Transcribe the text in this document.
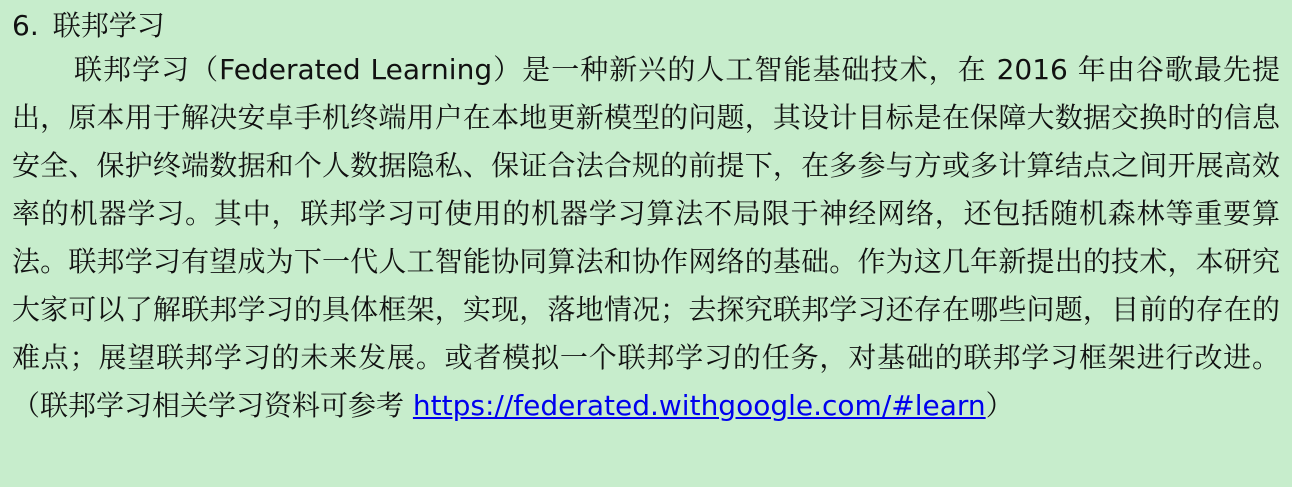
6. 联邦学习

联邦学习（Federated Learning）是一种新兴的人工智能基础技术，在 2016 年由谷歌最先提出，原本用于解决安卓手机终端用户在本地更新模型的问题，其设计目标是在保障大数据交换时的信息安全、保护终端数据和个人数据隐私、保证合法合规的前提下，在多参与方或多计算结点之间开展高效率的机器学习。其中，联邦学习可使用的机器学习算法不局限于神经网络，还包括随机森林等重要算法。联邦学习有望成为下一代人工智能协同算法和协作网络的基础。作为这几年新提出的技术，本研究大家可以了解联邦学习的具体框架，实现，落地情况；去探究联邦学习还存在哪些问题，目前的存在的难点；展望联邦学习的未来发展。或者模拟一个联邦学习的任务，对基础的联邦学习框架进行改进。（联邦学习相关学习资料可参考 https://federated.withgoogle.com/#learn）
